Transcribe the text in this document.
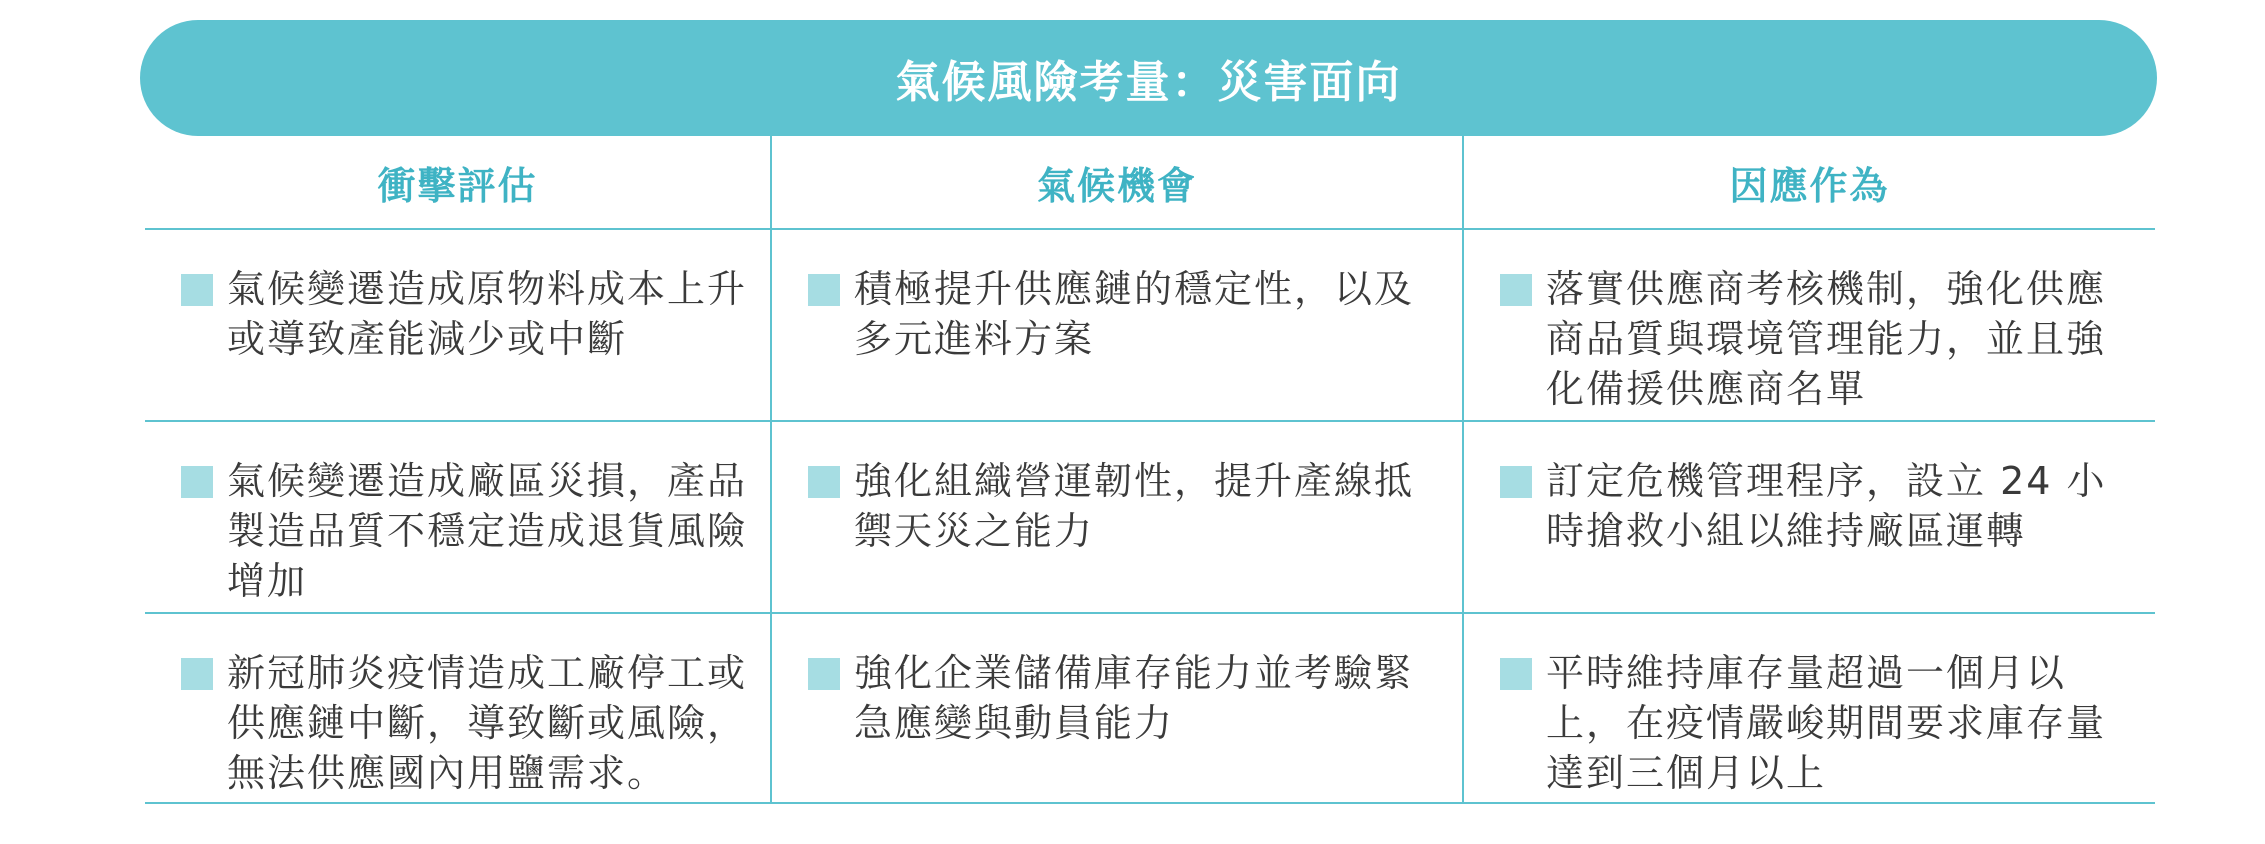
氣候風險考量：災害面向
衝擊評估	氣候機會	因應作為
氣候變遷造成原物料成本上升或導致產能減少或中斷
積極提升供應鏈的穩定性，以及多元進料方案
落實供應商考核機制，強化供應商品質與環境管理能力，並且強化備援供應商名單
氣候變遷造成廠區災損，產品製造品質不穩定造成退貨風險增加
強化組織營運韌性，提升產線抵禦天災之能力
訂定危機管理程序，設立 24 小時搶救小組以維持廠區運轉
新冠肺炎疫情造成工廠停工或供應鏈中斷，導致斷或風險，無法供應國內用鹽需求。
強化企業儲備庫存能力並考驗緊急應變與動員能力
平時維持庫存量超過一個月以上，在疫情嚴峻期間要求庫存量達到三個月以上
